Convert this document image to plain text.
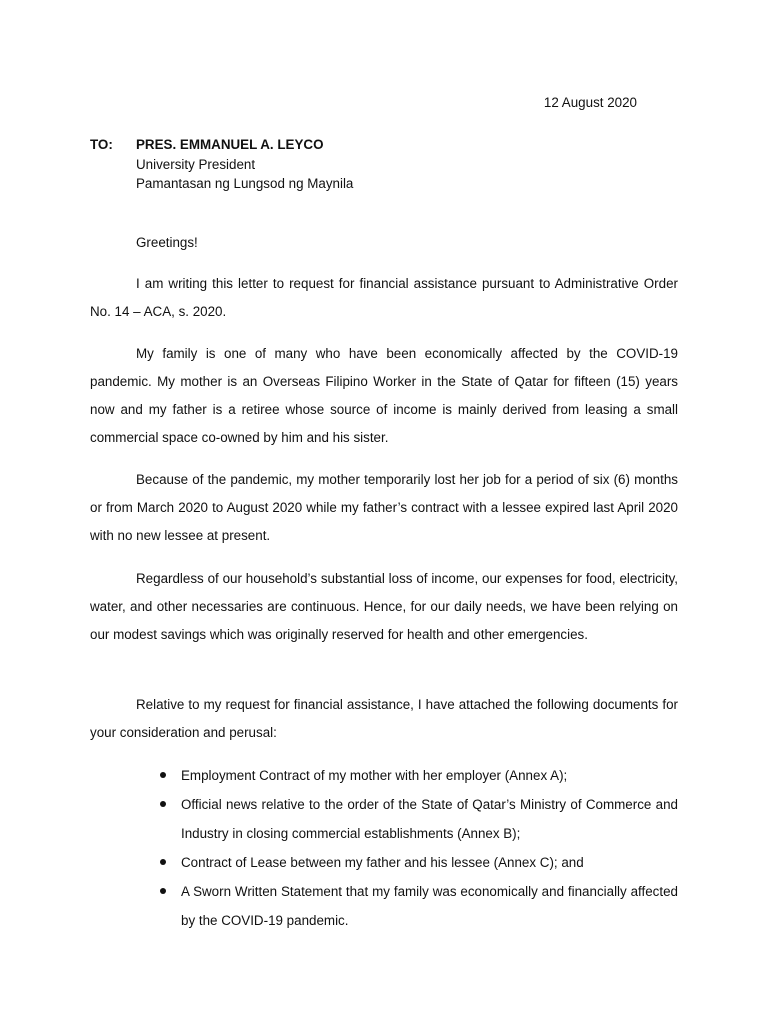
12 August 2020
TO:	PRES. EMMANUEL A. LEYCO
University President
Pamantasan ng Lungsod ng Maynila
Greetings!

I am writing this letter to request for financial assistance pursuant to Administrative Order No. 14 – ACA, s. 2020.

My family is one of many who have been economically affected by the COVID-19 pandemic. My mother is an Overseas Filipino Worker in the State of Qatar for fifteen (15) years now and my father is a retiree whose source of income is mainly derived from leasing a small commercial space co-owned by him and his sister.

Because of the pandemic, my mother temporarily lost her job for a period of six (6) months or from March 2020 to August 2020 while my father’s contract with a lessee expired last April 2020 with no new lessee at present.

Regardless of our household’s substantial loss of income, our expenses for food, electricity, water, and other necessaries are continuous. Hence, for our daily needs, we have been relying on our modest savings which was originally reserved for health and other emergencies.

Relative to my request for financial assistance, I have attached the following documents for your consideration and perusal:

Employment Contract of my mother with her employer (Annex A);
Official news relative to the order of the State of Qatar’s Ministry of Commerce and Industry in closing commercial establishments (Annex B);
Contract of Lease between my father and his lessee (Annex C); and
A Sworn Written Statement that my family was economically and financially affected by the COVID-19 pandemic.
